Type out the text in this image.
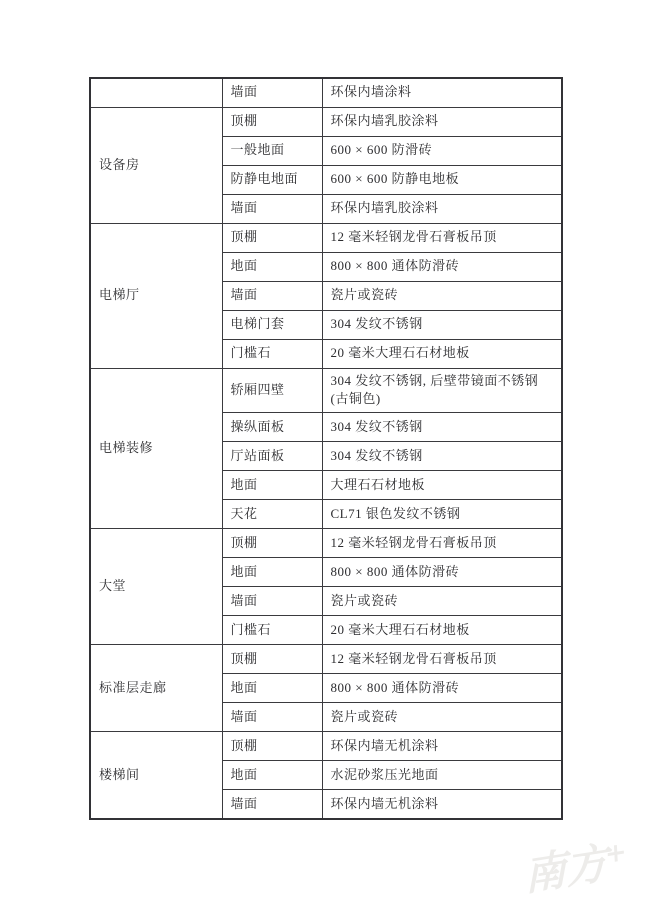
	墙面	环保内墙涂料
设备房	顶棚	环保内墙乳胶涂料
	一般地面	600 × 600 防滑砖
	防静电地面	600 × 600 防静电地板
	墙面	环保内墙乳胶涂料
电梯厅	顶棚	12 毫米轻钢龙骨石膏板吊顶
	地面	800 × 800 通体防滑砖
	墙面	瓷片或瓷砖
	电梯门套	304 发纹不锈钢
	门槛石	20 毫米大理石石材地板
电梯装修	轿厢四壁	304 发纹不锈钢, 后壁带镜面不锈钢 (古铜色)
	操纵面板	304 发纹不锈钢
	厅站面板	304 发纹不锈钢
	地面	大理石石材地板
	天花	CL71 银色发纹不锈钢
大堂	顶棚	12 毫米轻钢龙骨石膏板吊顶
	地面	800 × 800 通体防滑砖
	墙面	瓷片或瓷砖
	门槛石	20 毫米大理石石材地板
标准层走廊	顶棚	12 毫米轻钢龙骨石膏板吊顶
	地面	800 × 800 通体防滑砖
	墙面	瓷片或瓷砖
楼梯间	顶棚	环保内墙无机涂料
	地面	水泥砂浆压光地面
	墙面	环保内墙无机涂料
南方+
